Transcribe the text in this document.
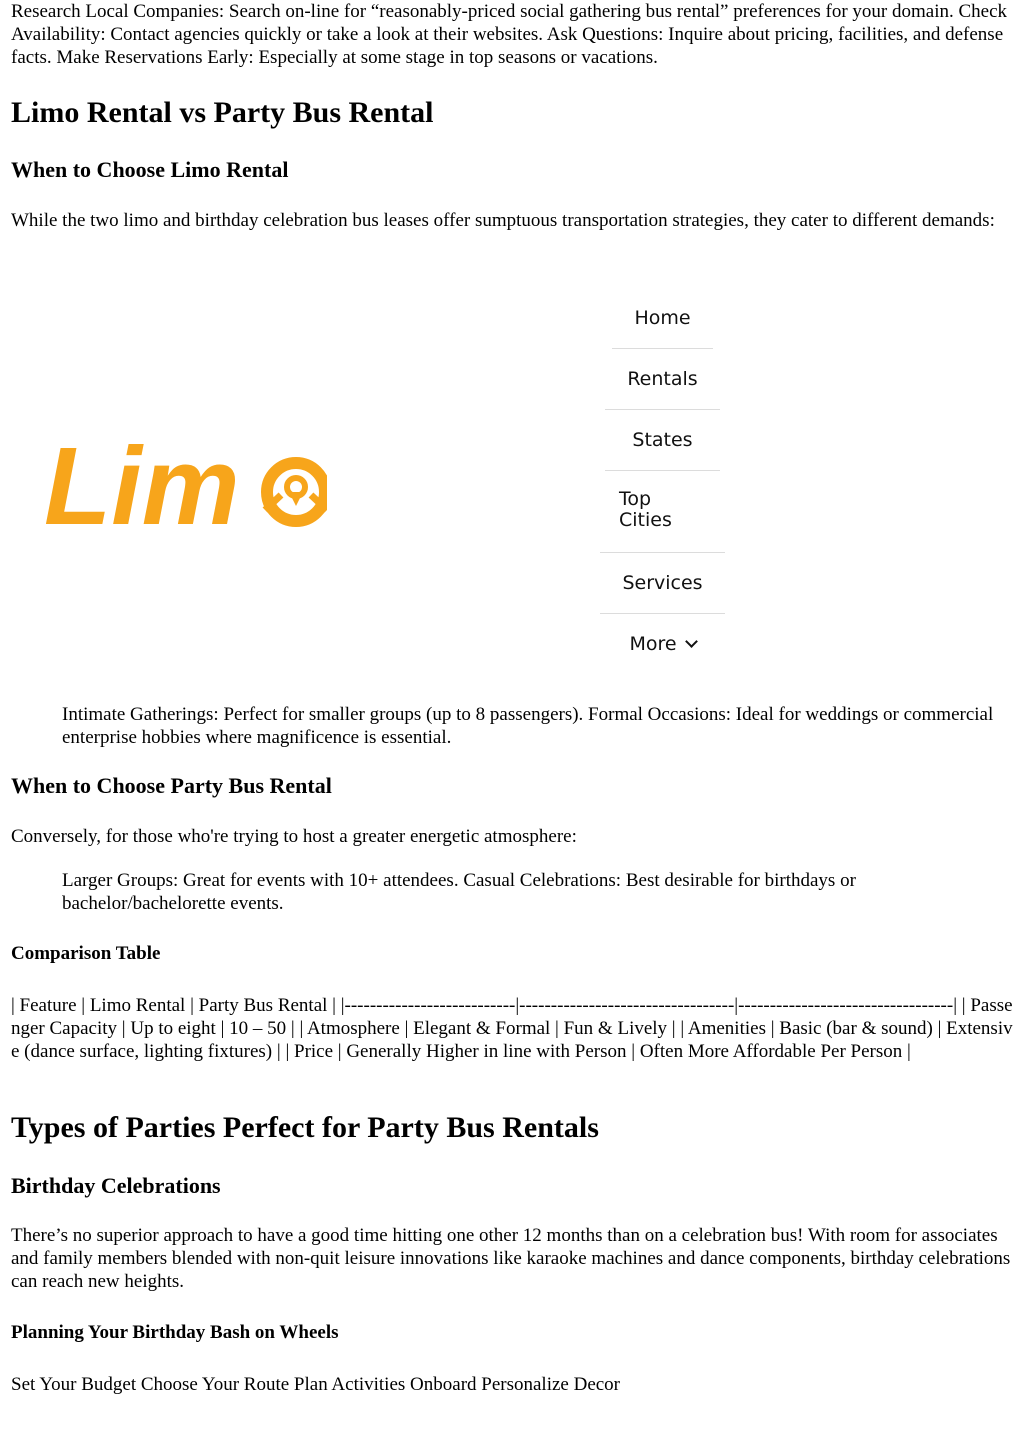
Research Local Companies: Search on-line for “reasonably-priced social gathering bus rental” preferences for your domain. Check Availability: Contact agencies quickly or take a look at their websites. Ask Questions: Inquire about pricing, facilities, and defense facts. Make Reservations Early: Especially at some stage in top seasons or vacations.

Limo Rental vs Party Bus Rental
When to Choose Limo Rental

While the two limo and birthday celebration bus leases offer sumptuous transportation strategies, they cater to different demands:

Intimate Gatherings: Perfect for smaller groups (up to 8 passengers). Formal Occasions: Ideal for weddings or commercial enterprise hobbies where magnificence is essential.

When to Choose Party Bus Rental

Conversely, for those who're trying to host a greater energetic atmosphere:

Larger Groups: Great for events with 10+ attendees. Casual Celebrations: Best desirable for birthdays or bachelor/bachelorette events.

Comparison Table

| Feature | Limo Rental | Party Bus Rental | |---------------------------|----------------------------------|----------------------------------| | Passenger Capacity | Up to eight | 10 – 50 | | Atmosphere | Elegant & Formal | Fun & Lively | | Amenities | Basic (bar & sound) | Extensive (dance surface, lighting fixtures) | | Price | Generally Higher in line with Person | Often More Affordable Per Person |

Types of Parties Perfect for Party Bus Rentals
Birthday Celebrations

There’s no superior approach to have a good time hitting one other 12 months than on a celebration bus! With room for associates and family members blended with non-quit leisure innovations like karaoke machines and dance components, birthday celebrations can reach new heights.

Planning Your Birthday Bash on Wheels

Set Your Budget Choose Your Route Plan Activities Onboard Personalize Decor

Lim
Home
Rentals
States
Top Cities
Services
More
